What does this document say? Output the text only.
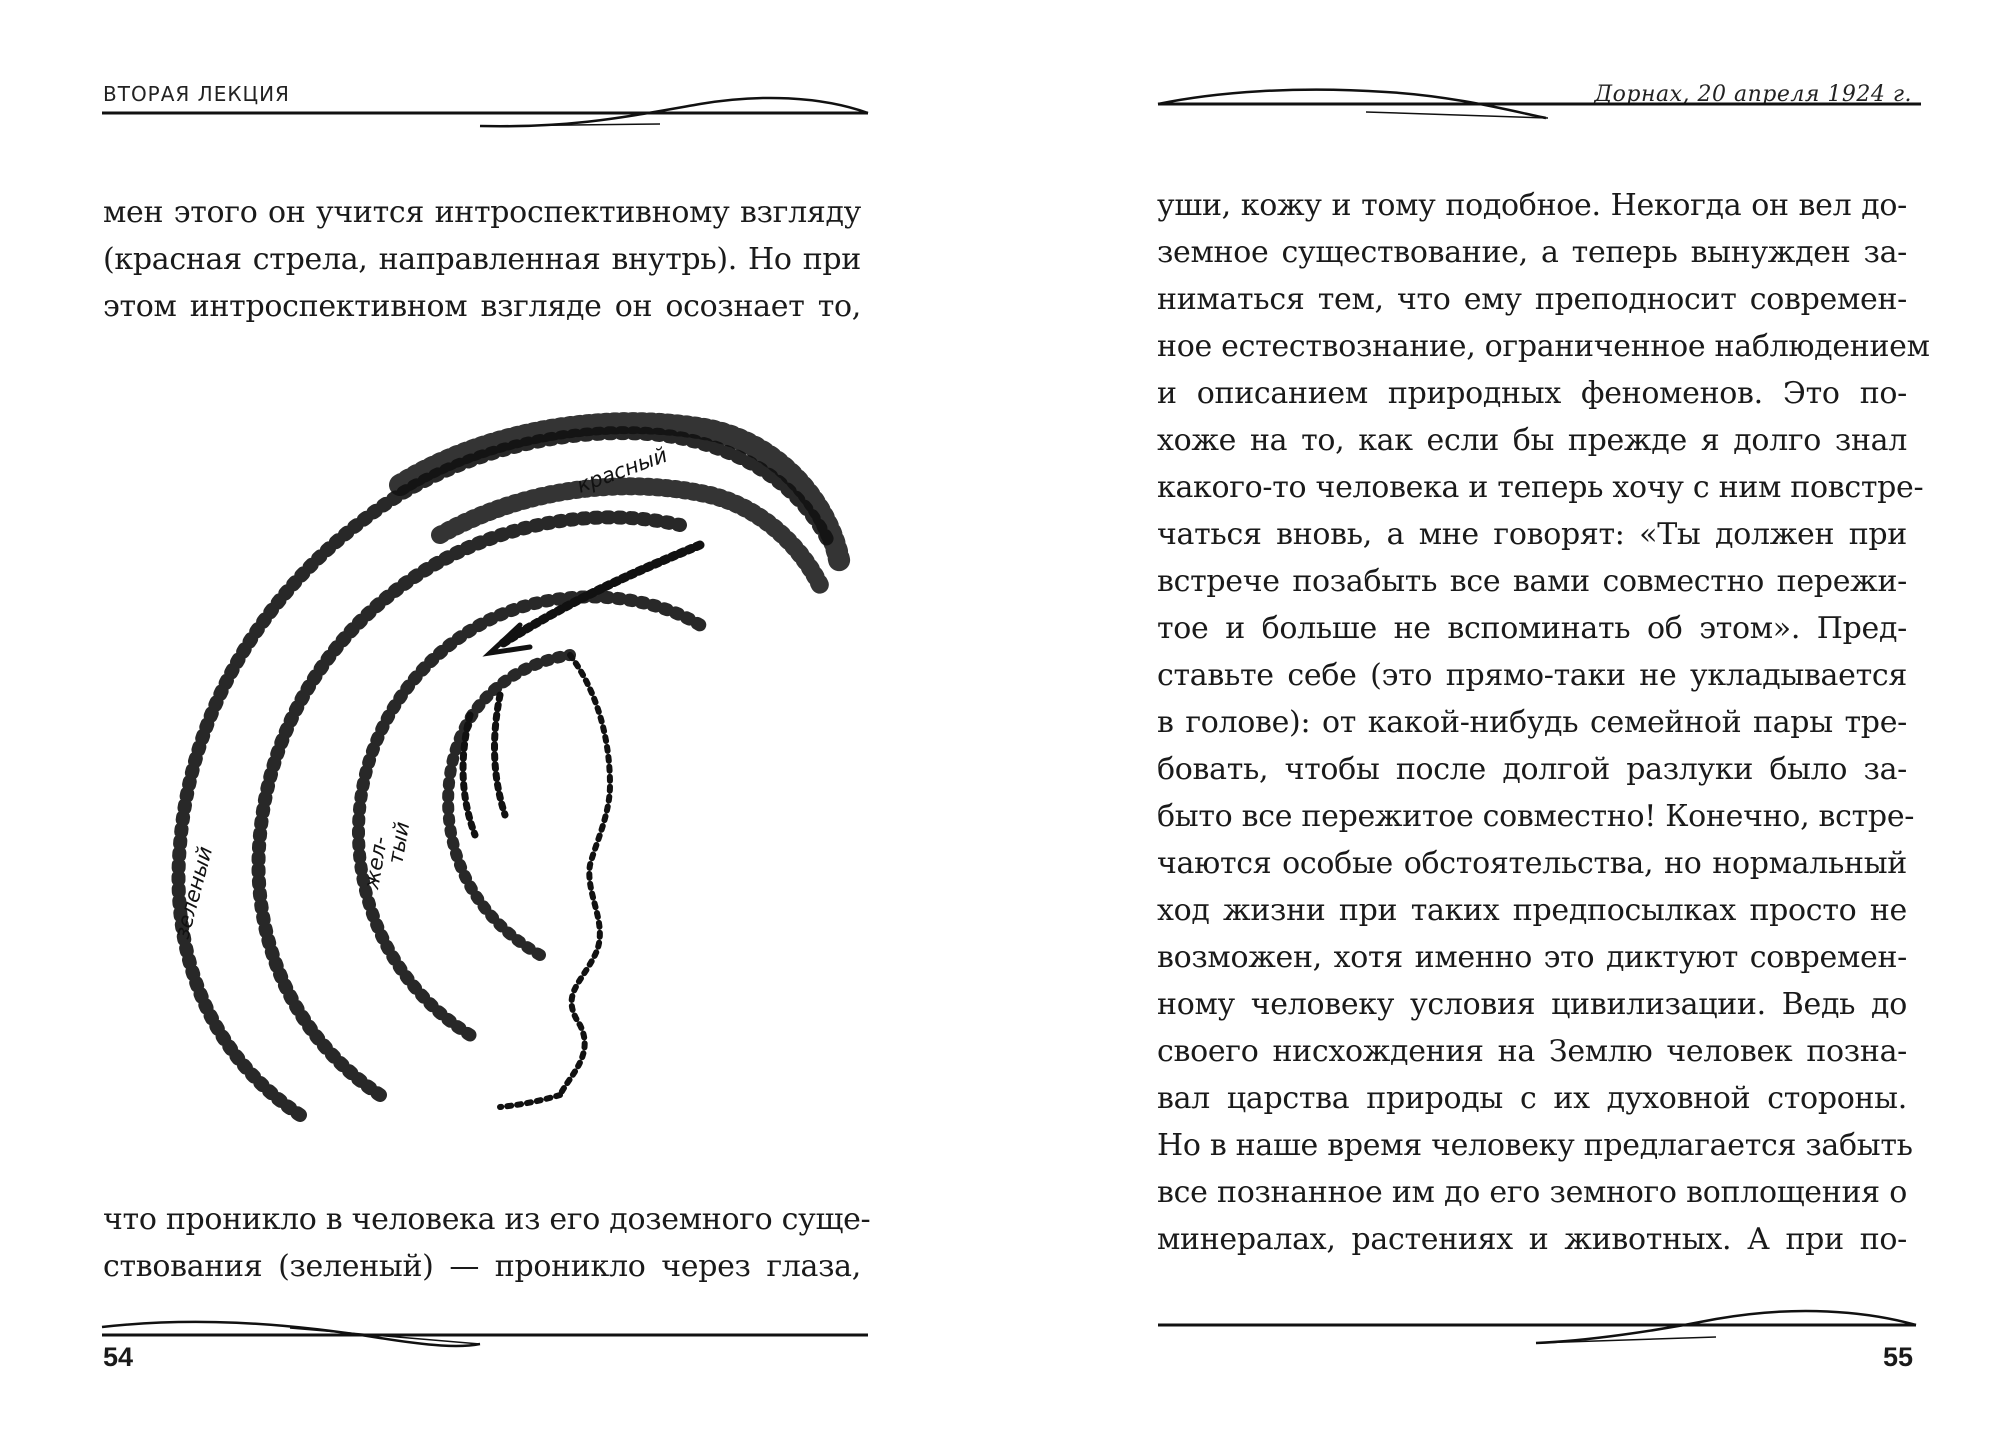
ВТОРАЯ ЛЕКЦИЯ
мен этого он учится интроспективному взгляду
(красная стрела, направленная внутрь). Но при
этом интроспективном взгляде он осознает то,
красный
зеленый	жел-
тый
что проникло в человека из его доземного суще-
ствования (зеленый) — проникло через глаза,
54
Дорнах, 20 апреля 1924 г.
уши, кожу и тому подобное. Некогда он вел до-
земное существование, а теперь вынужден за-
ниматься тем, что ему преподносит современ-
ное естествознание, ограниченное наблюдением
и описанием природных феноменов. Это по-
хоже на то, как если бы прежде я долго знал
какого-то человека и теперь хочу с ним повстре-
чаться вновь, а мне говорят: «Ты должен при
встрече позабыть все вами совместно пережи-
тое и больше не вспоминать об этом». Пред-
ставьте себе (это прямо-таки не укладывается
в голове): от какой-нибудь семейной пары тре-
бовать, чтобы после долгой разлуки было за-
быто все пережитое совместно! Конечно, встре-
чаются особые обстоятельства, но нормальный
ход жизни при таких предпосылках просто не
возможен, хотя именно это диктуют современ-
ному человеку условия цивилизации. Ведь до
своего нисхождения на Землю человек позна-
вал царства природы с их духовной стороны.
Но в наше время человеку предлагается забыть
все познанное им до его земного воплощения о
минералах, растениях и животных. А при по-
55
